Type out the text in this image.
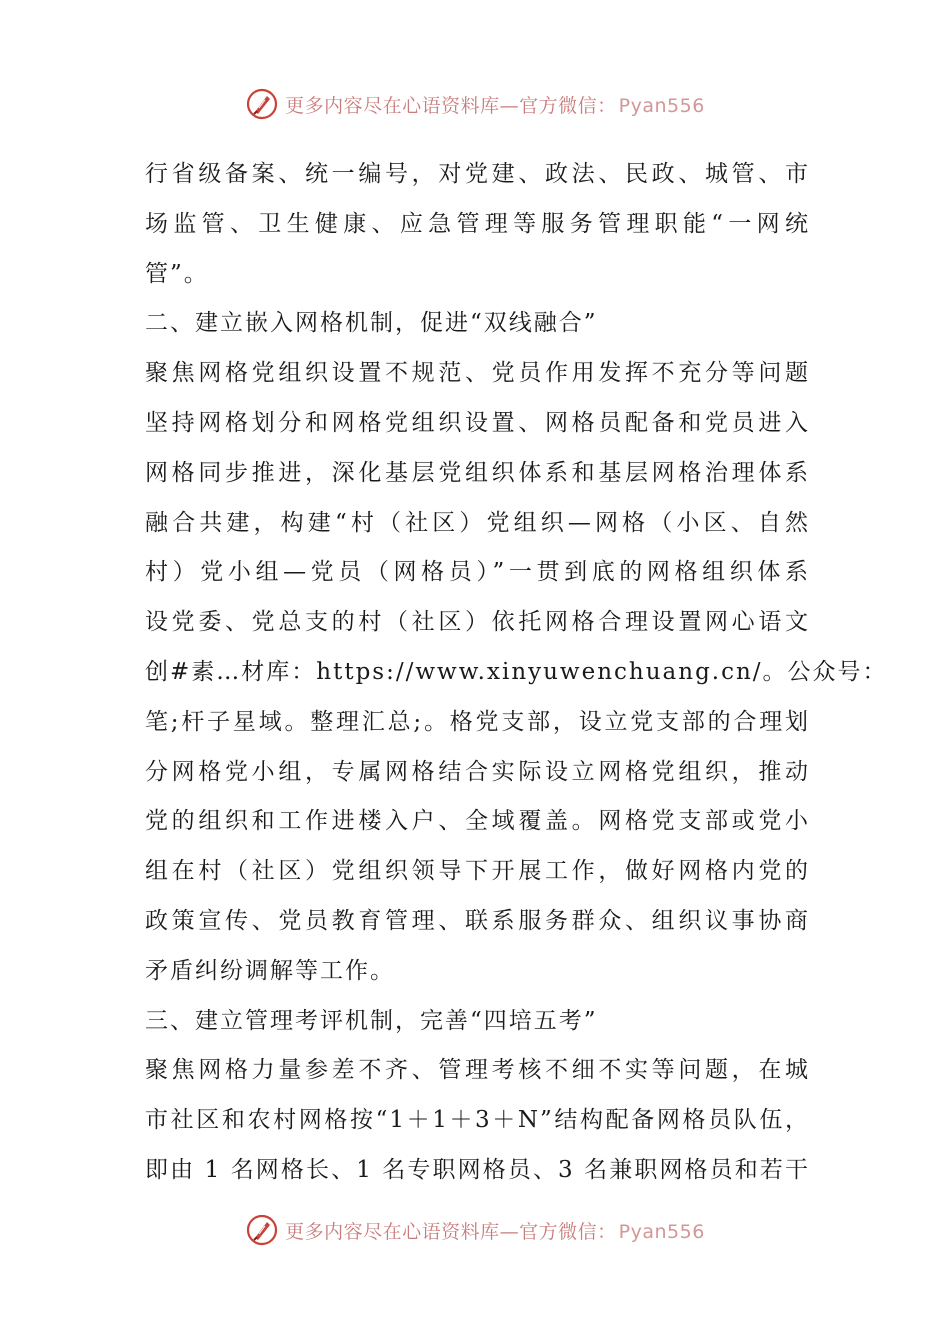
更多内容尽在心语资料库—官方微信： Pyan556
行省级备案、统一编号，对党建、政法、民政、城管、市
场监管、卫生健康、应急管理等服务管理职能“一网统
管”。
二、建立嵌入网格机制，促进“双线融合”
聚焦网格党组织设置不规范、党员作用发挥不充分等问题
坚持网格划分和网格党组织设置、网格员配备和党员进入
网格同步推进，深化基层党组织体系和基层网格治理体系
融合共建，构建“村（社区）党组织—网格（小区、自然
村）党小组—党员（网格员）”一贯到底的网格组织体系
设党委、党总支的村（社区）依托网格合理设置网心语文
创#素…材库：https://www.xinyuwenchuang.cn/。公众号：
笔;杆子星域。整理汇总;。格党支部，设立党支部的合理划
分网格党小组，专属网格结合实际设立网格党组织，推动
党的组织和工作进楼入户、全域覆盖。网格党支部或党小
组在村（社区）党组织领导下开展工作，做好网格内党的
政策宣传、党员教育管理、联系服务群众、组织议事协商
矛盾纠纷调解等工作。
三、建立管理考评机制，完善“四培五考”
聚焦网格力量参差不齐、管理考核不细不实等问题，在城
市社区和农村网格按“1＋1＋3＋N”结构配备网格员队伍，
即由 1 名网格长、1 名专职网格员、3 名兼职网格员和若干
更多内容尽在心语资料库—官方微信： Pyan556
